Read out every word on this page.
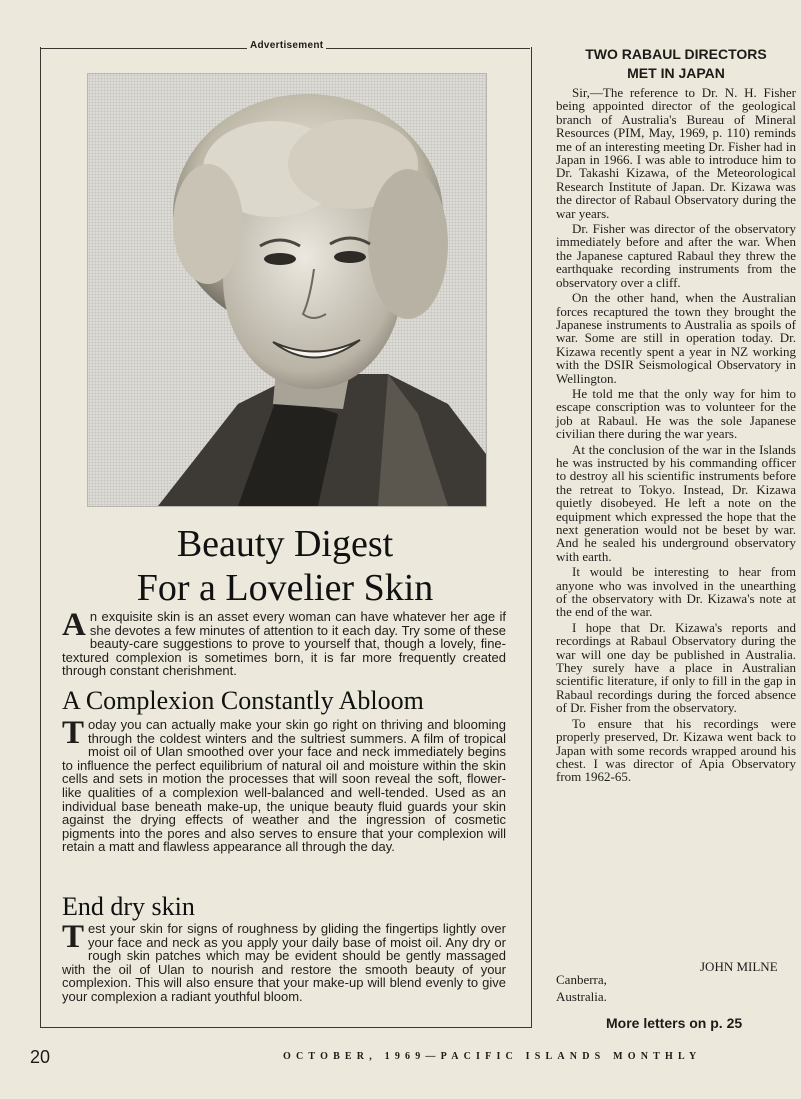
Advertisement
Beauty Digest
For a Lovelier Skin

An exquisite skin is an asset every woman can have whatever her age if she devotes a few minutes of attention to it each day. Try some of these beauty-care suggestions to prove to yourself that, though a lovely, fine-textured complexion is sometimes born, it is far more frequently created through constant cherishment.

A Complexion Constantly Abloom

Today you can actually make your skin go right on thriving and blooming through the coldest winters and the sultriest summers. A film of tropical moist oil of Ulan smoothed over your face and neck immediately begins to influence the perfect equilibrium of natural oil and moisture within the skin cells and sets in motion the processes that will soon reveal the soft, flower-like qualities of a complexion well-balanced and well-tended. Used as an individual base beneath make-up, the unique beauty fluid guards your skin against the drying effects of weather and the ingression of cosmetic pigments into the pores and also serves to ensure that your complexion will retain a matt and flawless appearance all through the day.

End dry skin

Test your skin for signs of roughness by gliding the fingertips lightly over your face and neck as you apply your daily base of moist oil. Any dry or rough skin patches which may be evident should be gently massaged with the oil of Ulan to nourish and restore the smooth beauty of your complexion. This will also ensure that your make-up will blend evenly to give your complexion a radiant youthful bloom.

TWO RABAUL DIRECTORS
MET IN JAPAN

Sir,—The reference to Dr. N. H. Fisher being appointed director of the geological branch of Australia's Bureau of Mineral Resources (PIM, May, 1969, p. 110) reminds me of an interesting meeting Dr. Fisher had in Japan in 1966. I was able to introduce him to Dr. Takashi Kizawa, of the Meteorological Research Institute of Japan. Dr. Kizawa was the director of Rabaul Observatory during the war years.

Dr. Fisher was director of the observatory immediately before and after the war. When the Japanese captured Rabaul they threw the earthquake recording instruments from the observatory over a cliff.

On the other hand, when the Australian forces recaptured the town they brought the Japanese instruments to Australia as spoils of war. Some are still in operation today. Dr. Kizawa recently spent a year in NZ working with the DSIR Seismological Observatory in Wellington.

He told me that the only way for him to escape conscription was to volunteer for the job at Rabaul. He was the sole Japanese civilian there during the war years.

At the conclusion of the war in the Islands he was instructed by his commanding officer to destroy all his scientific instruments before the retreat to Tokyo. Instead, Dr. Kizawa quietly disobeyed. He left a note on the equipment which expressed the hope that the next generation would not be beset by war. And he sealed his underground observatory with earth.

It would be interesting to hear from anyone who was involved in the unearthing of the observatory with Dr. Kizawa's note at the end of the war.

I hope that Dr. Kizawa's reports and recordings at Rabaul Observatory during the war will one day be published in Australia. They surely have a place in Australian scientific literature, if only to fill in the gap in Rabaul recordings during the forced absence of Dr. Fisher from the observatory.

To ensure that his recordings were properly preserved, Dr. Kizawa went back to Japan with some records wrapped around his chest. I was director of Apia Observatory from 1962-65.

JOHN MILNE
Canberra,
Australia.
More letters on p. 25
20	OCTOBER, 1969—PACIFIC ISLANDS MONTHLY
